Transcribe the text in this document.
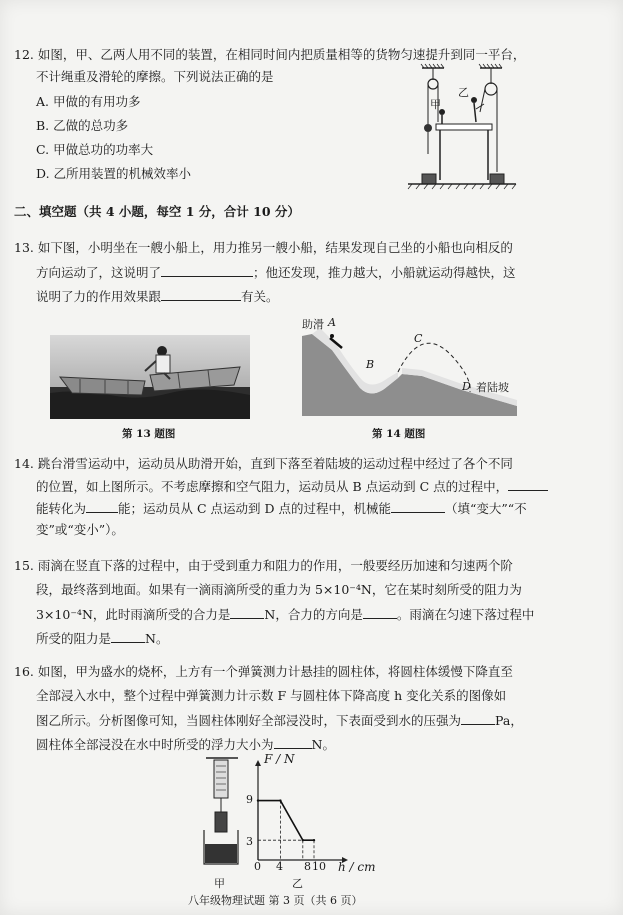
12. 如图，甲、乙两人用不同的装置，在相同时间内把质量相等的货物匀速提升到同一平台，
不计绳重及滑轮的摩擦。下列说法正确的是
A. 甲做的有用功多
B. 乙做的总功多
C. 甲做总功的功率大
D. 乙所用装置的机械效率小
甲
乙
二、填空题（共 4 小题，每空 1 分，合计 10 分）
13. 如下图，小明坐在一艘小船上，用力推另一艘小船，结果发现自己坐的小船也向相反的
方向运动了，这说明了	；他还发现，推力越大，小船就运动得越快，这
说明了力的作用效果跟	有关。
第 13 题图
助滑 A
B
C
D 着陆坡
第 14 题图
14. 跳台滑雪运动中，运动员从助滑开始，直到下落至着陆坡的运动过程中经过了各个不同
的位置，如上图所示。不考虑摩擦和空气阻力，运动员从 B 点运动到 C 点的过程中，
能转化为	能；运动员从 C 点运动到 D 点的过程中，机械能	（填“变大”“不
变”或“变小”）。
15. 雨滴在竖直下落的过程中，由于受到重力和阻力的作用，一般要经历加速和匀速两个阶
段，最终落到地面。如果有一滴雨滴所受的重力为 5×10⁻⁴N，它在某时刻所受的阻力为
3×10⁻⁴N，此时雨滴所受的合力是	N，合力的方向是	。雨滴在匀速下落过程中
所受的阻力是	N。
16. 如图，甲为盛水的烧杯，上方有一个弹簧测力计悬挂的圆柱体，将圆柱体缓慢下降直至
全部浸入水中，整个过程中弹簧测力计示数 F 与圆柱体下降高度 h 变化关系的图像如
图乙所示。分析图像可知，当圆柱体刚好全部浸没时，下表面受到水的压强为	Pa，
圆柱体全部浸没在水中时所受的浮力大小为	N。
甲
F / N
h / cm
9
3
0 4 8 10
乙
八年级物理试题 第 3 页（共 6 页）
